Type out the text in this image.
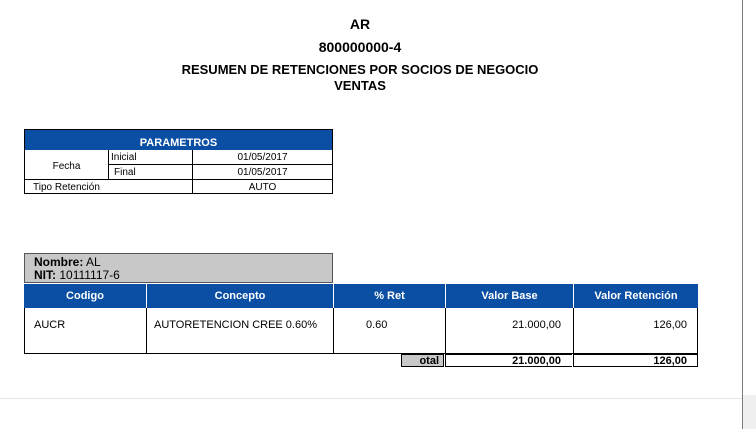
AR
800000000-4
RESUMEN DE RETENCIONES POR SOCIOS DE NEGOCIO
VENTAS
PARAMETROS
Fecha
Inicial	01/05/2017
Final	01/05/2017
Tipo Retención	AUTO
Nombre: AL
NIT: 10111117-6
Codigo	Concepto	% Ret	Valor Base	Valor Retención
AUCR	AUTORETENCION CREE 0.60%	0.60	21.000,00	126,00
otal	21.000,00	126,00
